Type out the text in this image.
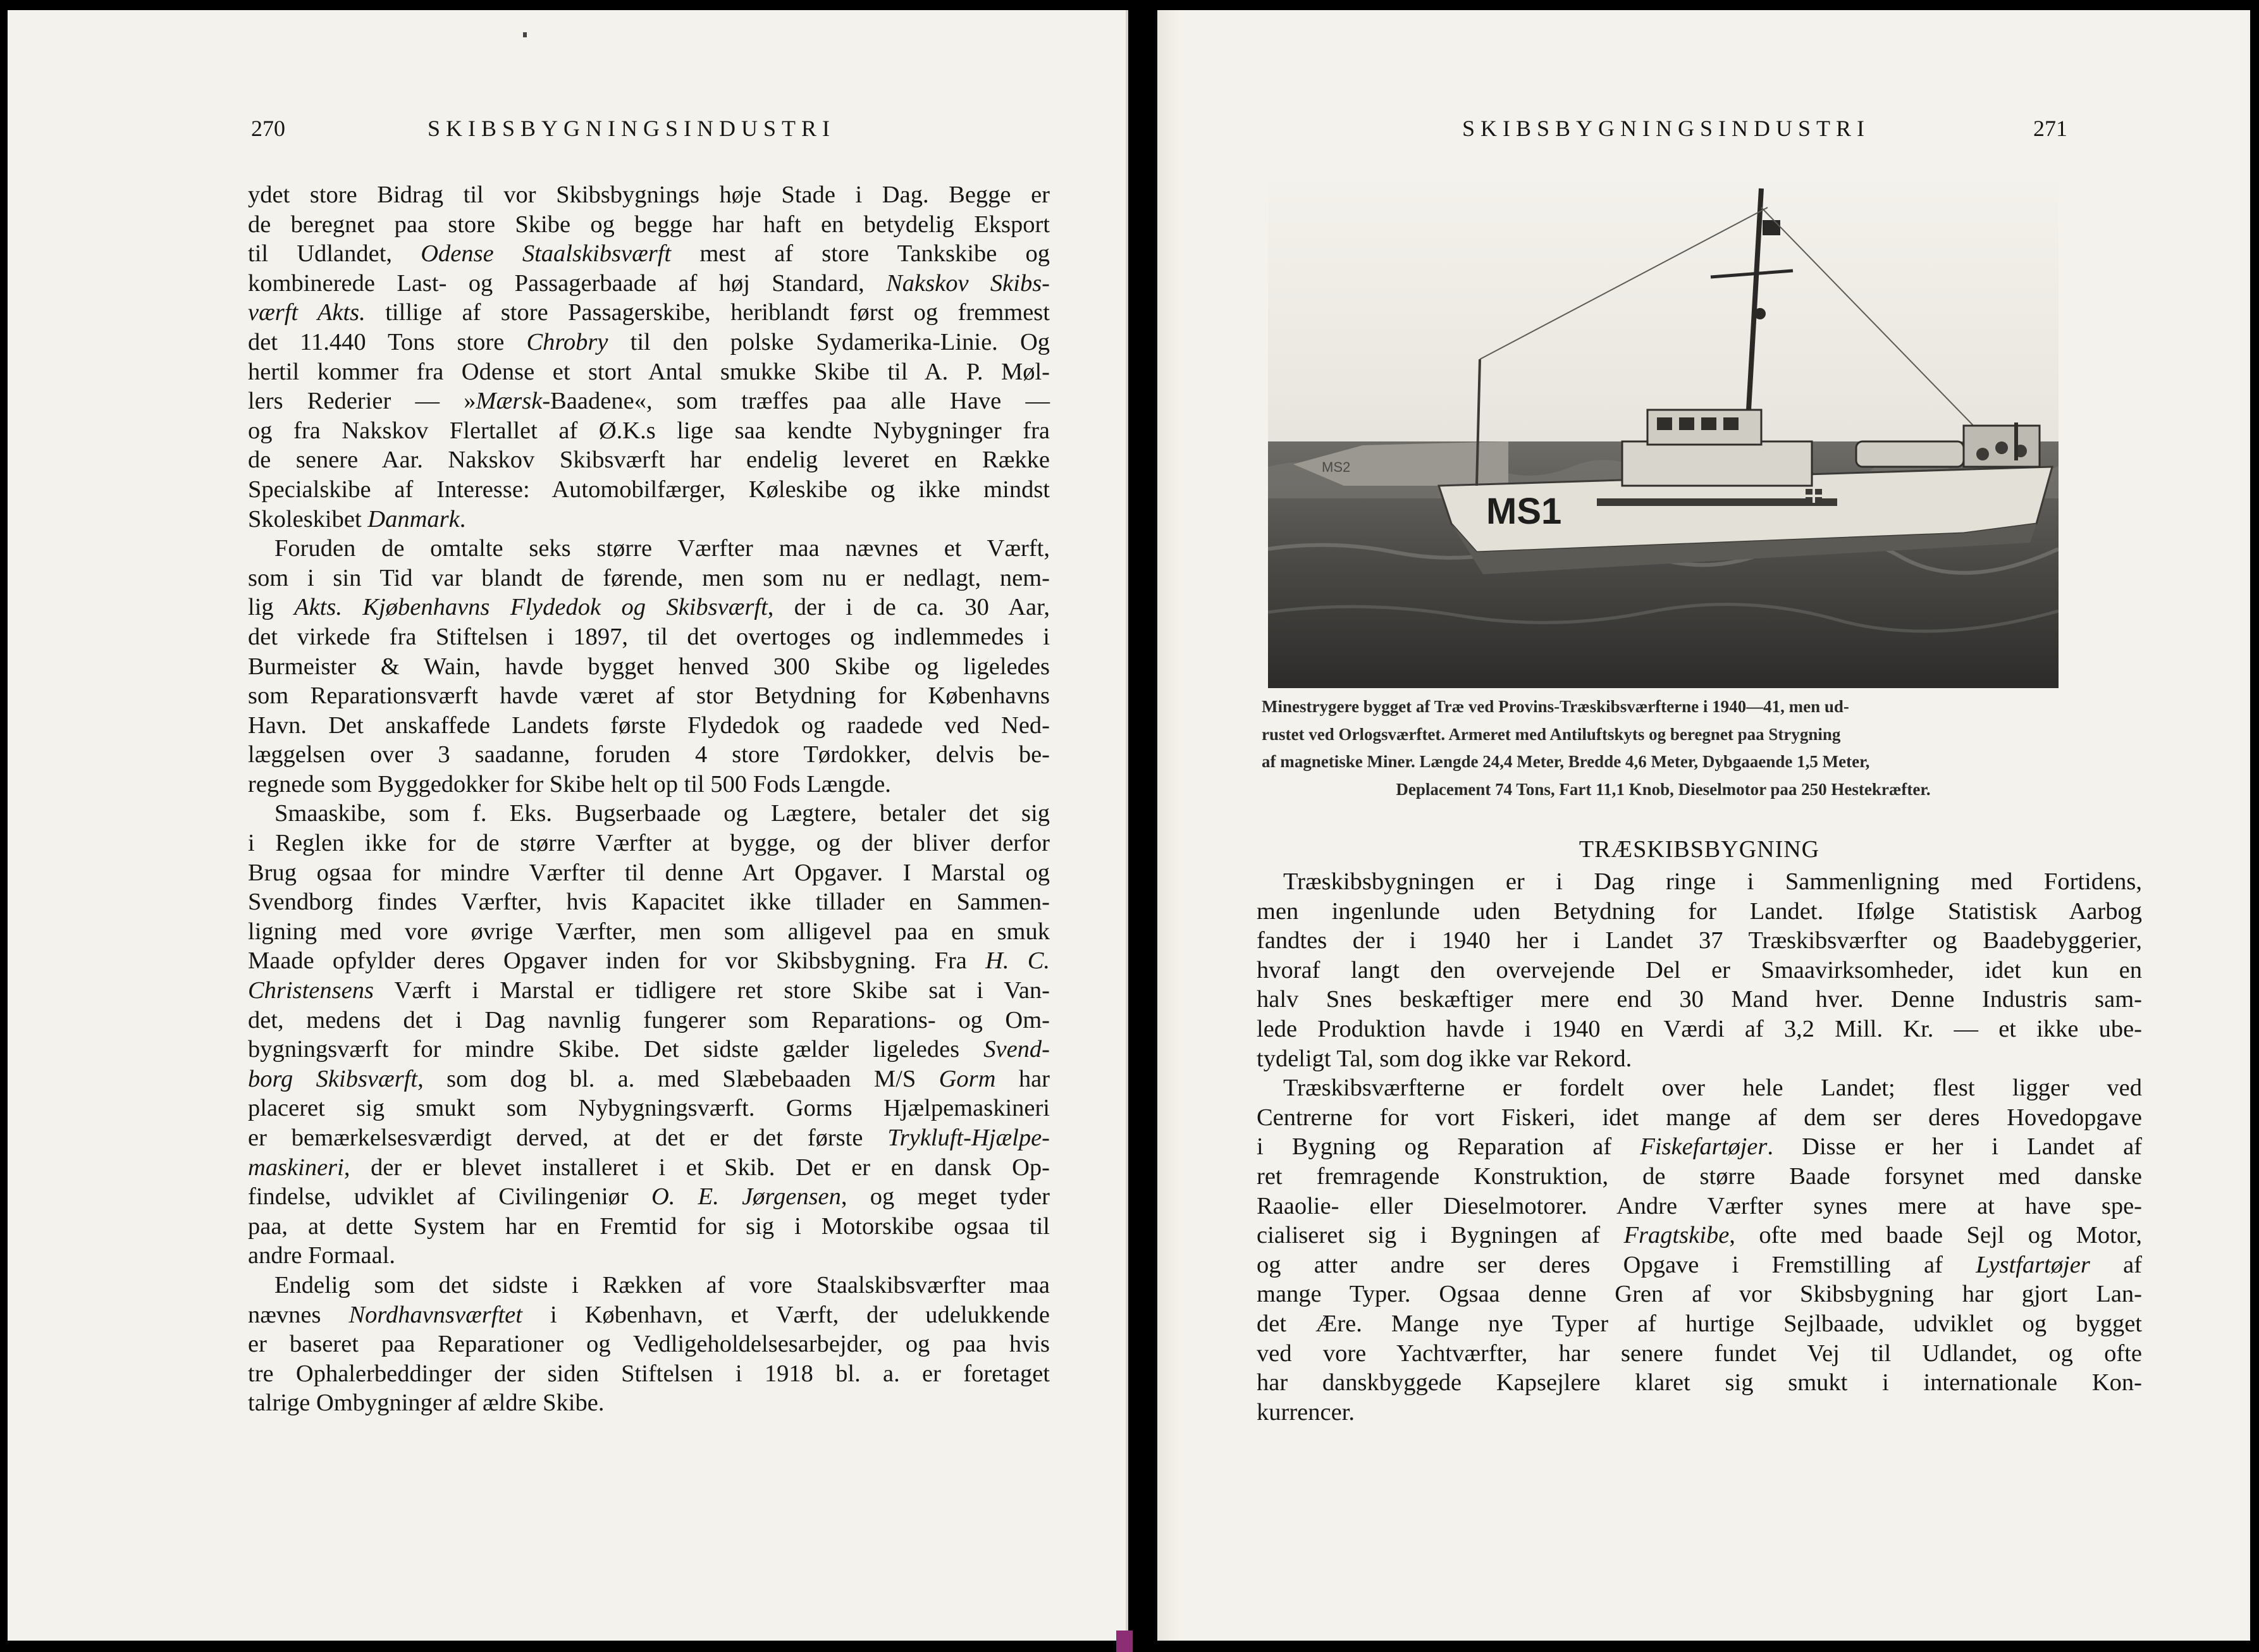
270	SKIBSBYGNINGSINDUSTRI

ydet store Bidrag til vor Skibsbygnings høje Stade i Dag. Begge er
de beregnet paa store Skibe og begge har haft en betydelig Eksport
til Udlandet, Odense Staalskibsværft mest af store Tankskibe og
kombinerede Last- og Passagerbaade af høj Standard, Nakskov Skibs-
værft Akts. tillige af store Passagerskibe, heriblandt først og fremmest
det 11.440 Tons store Chrobry til den polske Sydamerika-Linie. Og
hertil kommer fra Odense et stort Antal smukke Skibe til A. P. Møl-
lers Rederier — »Mærsk-Baadene«, som træffes paa alle Have —
og fra Nakskov Flertallet af Ø.K.s lige saa kendte Nybygninger fra
de senere Aar. Nakskov Skibsværft har endelig leveret en Række
Specialskibe af Interesse: Automobilfærger, Køleskibe og ikke mindst
Skoleskibet Danmark.

Foruden de omtalte seks større Værfter maa nævnes et Værft,
som i sin Tid var blandt de førende, men som nu er nedlagt, nem-
lig Akts. Kjøbenhavns Flydedok og Skibsværft, der i de ca. 30 Aar,
det virkede fra Stiftelsen i 1897, til det overtoges og indlemmedes i
Burmeister & Wain, havde bygget henved 300 Skibe og ligeledes
som Reparationsværft havde været af stor Betydning for Københavns
Havn. Det anskaffede Landets første Flydedok og raadede ved Ned-
læggelsen over 3 saadanne, foruden 4 store Tørdokker, delvis be-
regnede som Byggedokker for Skibe helt op til 500 Fods Længde.

Smaaskibe, som f. Eks. Bugserbaade og Lægtere, betaler det sig
i Reglen ikke for de større Værfter at bygge, og der bliver derfor
Brug ogsaa for mindre Værfter til denne Art Opgaver. I Marstal og
Svendborg findes Værfter, hvis Kapacitet ikke tillader en Sammen-
ligning med vore øvrige Værfter, men som alligevel paa en smuk
Maade opfylder deres Opgaver inden for vor Skibsbygning. Fra H. C.
Christensens Værft i Marstal er tidligere ret store Skibe sat i Van-
det, medens det i Dag navnlig fungerer som Reparations- og Om-
bygningsværft for mindre Skibe. Det sidste gælder ligeledes Svend-
borg Skibsværft, som dog bl. a. med Slæbebaaden M/S Gorm har
placeret sig smukt som Nybygningsværft. Gorms Hjælpemaskineri
er bemærkelsesværdigt derved, at det er det første Trykluft-Hjælpe-
maskineri, der er blevet installeret i et Skib. Det er en dansk Op-
findelse, udviklet af Civilingeniør O. E. Jørgensen, og meget tyder
paa, at dette System har en Fremtid for sig i Motorskibe ogsaa til
andre Formaal.

Endelig som det sidste i Rækken af vore Staalskibsværfter maa
nævnes Nordhavnsværftet i København, et Værft, der udelukkende
er baseret paa Reparationer og Vedligeholdelsesarbejder, og paa hvis
tre Ophalerbeddinger der siden Stiftelsen i 1918 bl. a. er foretaget
talrige Ombygninger af ældre Skibe.

SKIBSBYGNINGSINDUSTRI	271
MS2
MS1
Minestrygere bygget af Træ ved Provins-Træskibsværfterne i 1940—41, men ud-
rustet ved Orlogsværftet. Armeret med Antiluftskyts og beregnet paa Strygning
af magnetiske Miner. Længde 24,4 Meter, Bredde 4,6 Meter, Dybgaaende 1,5 Meter,
Deplacement 74 Tons, Fart 11,1 Knob, Dieselmotor paa 250 Hestekræfter.
TRÆSKIBSBYGNING

Træskibsbygningen er i Dag ringe i Sammenligning med Fortidens,
men ingenlunde uden Betydning for Landet. Ifølge Statistisk Aarbog
fandtes der i 1940 her i Landet 37 Træskibsværfter og Baadebyggerier,
hvoraf langt den overvejende Del er Smaavirksomheder, idet kun en
halv Snes beskæftiger mere end 30 Mand hver. Denne Industris sam-
lede Produktion havde i 1940 en Værdi af 3,2 Mill. Kr. — et ikke ube-
tydeligt Tal, som dog ikke var Rekord.

Træskibsværfterne er fordelt over hele Landet; flest ligger ved
Centrerne for vort Fiskeri, idet mange af dem ser deres Hovedopgave
i Bygning og Reparation af Fiskefartøjer. Disse er her i Landet af
ret fremragende Konstruktion, de større Baade forsynet med danske
Raaolie- eller Dieselmotorer. Andre Værfter synes mere at have spe-
cialiseret sig i Bygningen af Fragtskibe, ofte med baade Sejl og Motor,
og atter andre ser deres Opgave i Fremstilling af Lystfartøjer af
mange Typer. Ogsaa denne Gren af vor Skibsbygning har gjort Lan-
det Ære. Mange nye Typer af hurtige Sejlbaade, udviklet og bygget
ved vore Yachtværfter, har senere fundet Vej til Udlandet, og ofte
har danskbyggede Kapsejlere klaret sig smukt i internationale Kon-
kurrencer.
